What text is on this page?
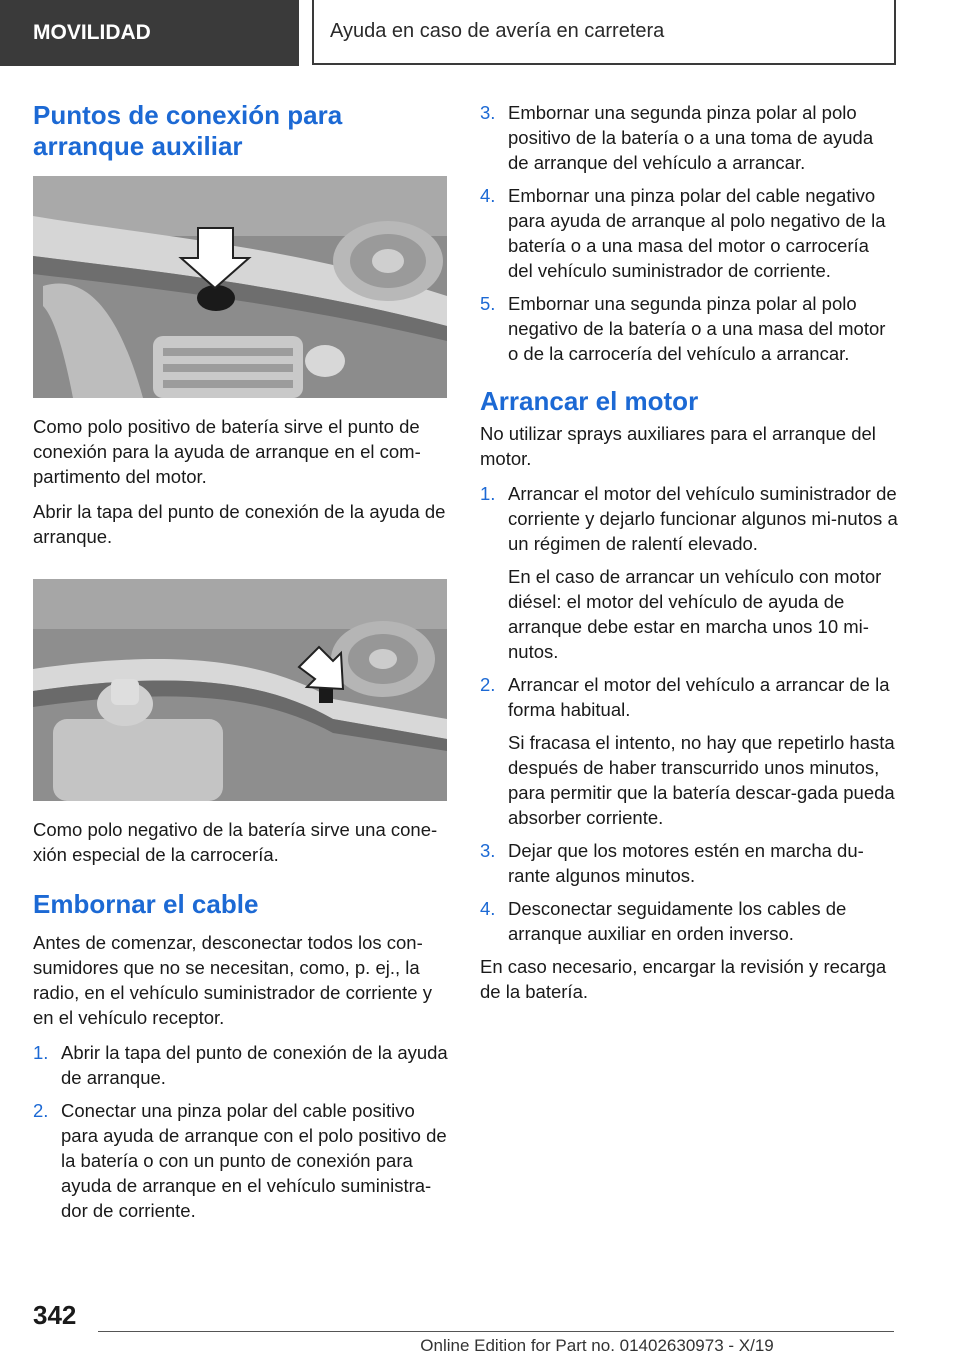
MOVILIDAD	Ayuda en caso de avería en carretera
Puntos de conexión para arranque auxiliar

Como polo positivo de batería sirve el punto de conexión para la ayuda de arranque en el com‐partimento del motor.

Abrir la tapa del punto de conexión de la ayuda de arranque.

Como polo negativo de la batería sirve una cone‐xión especial de la carrocería.

Embornar el cable

Antes de comenzar, desconectar todos los con‐sumidores que no se necesitan, como, p. ej., la radio, en el vehículo suministrador de corriente y en el vehículo receptor.

1. Abrir la tapa del punto de conexión de la ayuda de arranque.

2. Conectar una pinza polar del cable positivo para ayuda de arranque con el polo positivo de la batería o con un punto de conexión para ayuda de arranque en el vehículo suministra‐dor de corriente.

3. Embornar una segunda pinza polar al polo positivo de la batería o a una toma de ayuda de arranque del vehículo a arrancar.

4. Embornar una pinza polar del cable negativo para ayuda de arranque al polo negativo de la batería o a una masa del motor o carrocería del vehículo suministrador de corriente.

5. Embornar una segunda pinza polar al polo negativo de la batería o a una masa del motor o de la carrocería del vehículo a arrancar.

Arrancar el motor

No utilizar sprays auxiliares para el arranque del motor.

1. Arrancar el motor del vehículo suministrador de corriente y dejarlo funcionar algunos mi‐nutos a un régimen de ralentí elevado.

En el caso de arrancar un vehículo con motor diésel: el motor del vehículo de ayuda de arranque debe estar en marcha unos 10 mi‐nutos.

2. Arrancar el motor del vehículo a arrancar de la forma habitual.

Si fracasa el intento, no hay que repetirlo hasta después de haber transcurrido unos minutos, para permitir que la batería descar‐gada pueda absorber corriente.

3. Dejar que los motores estén en marcha du‐rante algunos minutos.

4. Desconectar seguidamente los cables de arranque auxiliar en orden inverso.

En caso necesario, encargar la revisión y recarga de la batería.

342
Online Edition for Part no. 01402630973 - X/19
